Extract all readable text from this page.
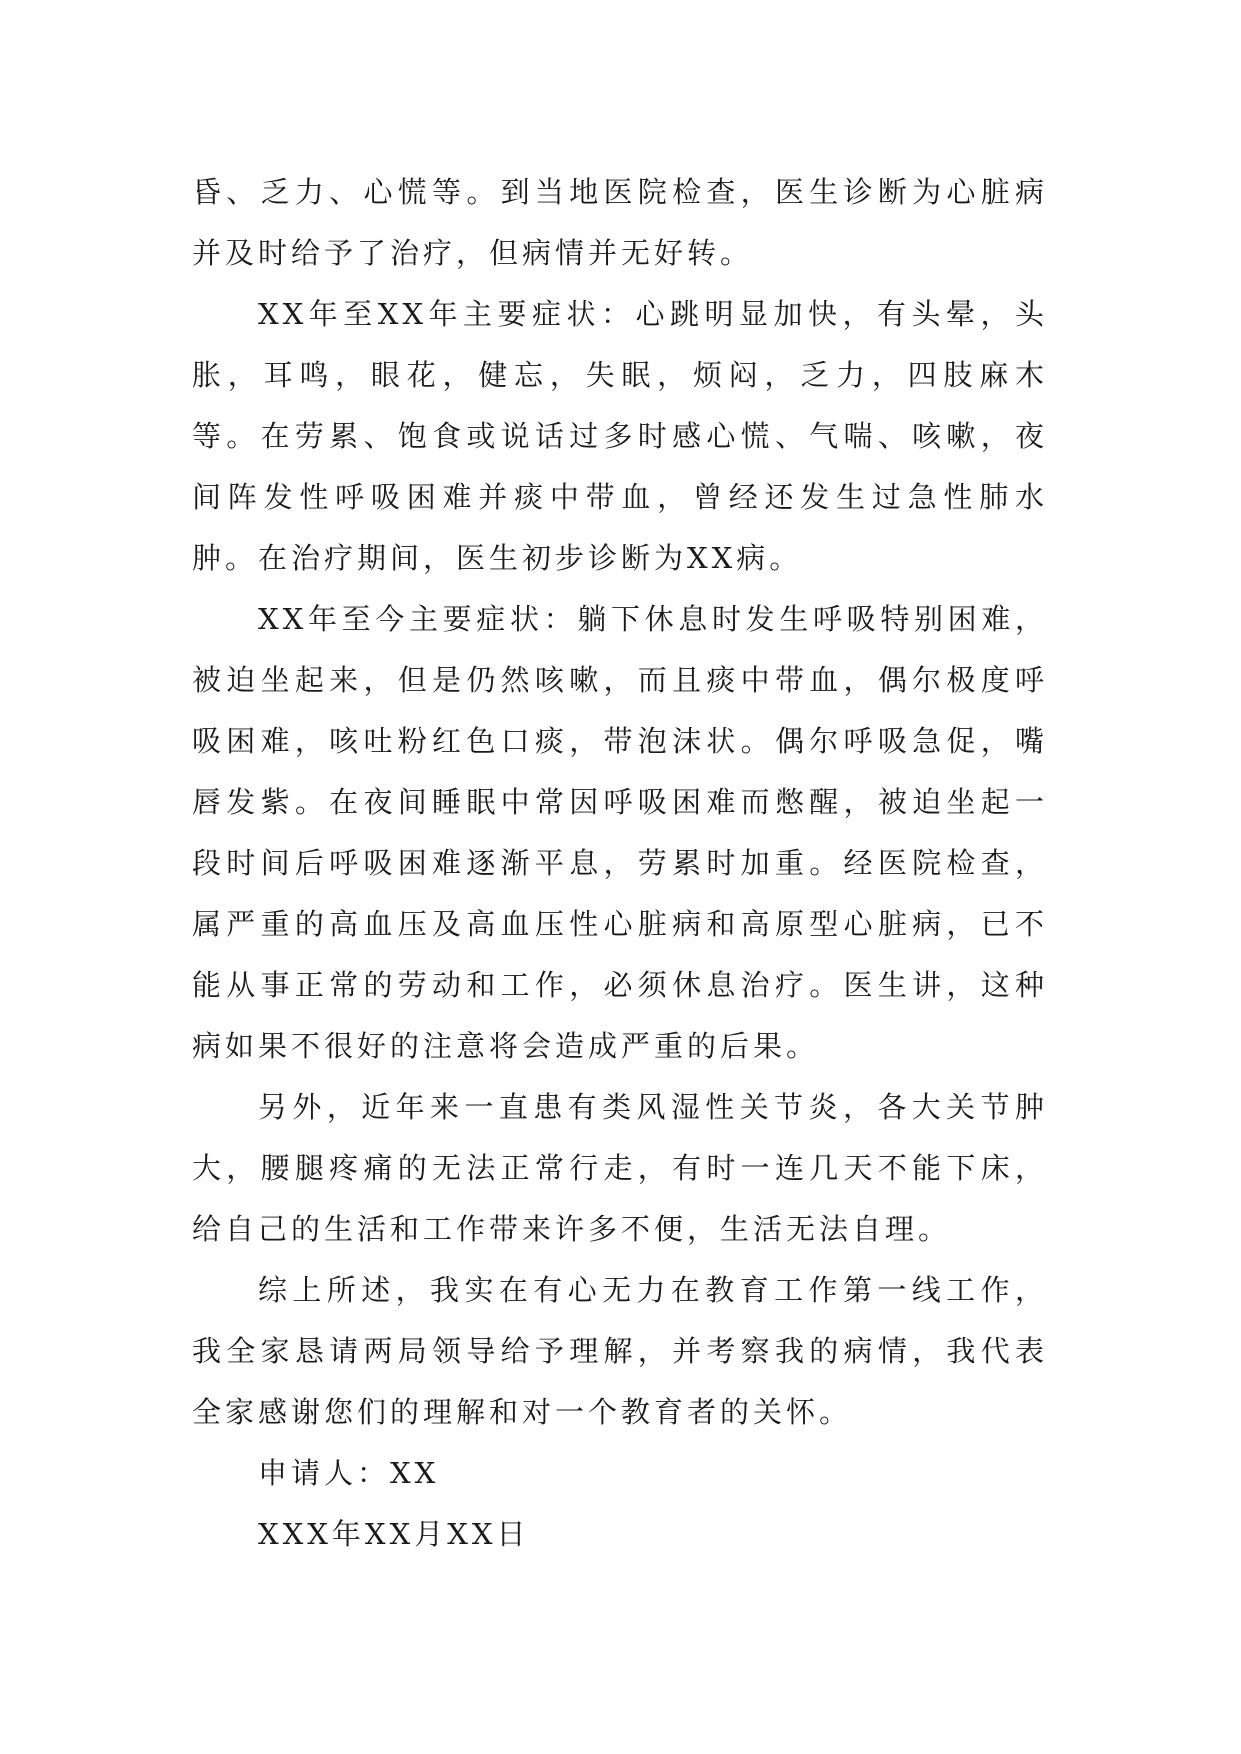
昏、乏力、心慌等。到当地医院检查，医生诊断为心脏病并及时给予了治疗，但病情并无好转。

XX年至XX年主要症状：心跳明显加快，有头晕，头胀，耳鸣，眼花，健忘，失眠，烦闷，乏力，四肢麻木等。在劳累、饱食或说话过多时感心慌、气喘、咳嗽，夜间阵发性呼吸困难并痰中带血，曾经还发生过急性肺水肿。在治疗期间，医生初步诊断为XX病。

XX年至今主要症状：躺下休息时发生呼吸特别困难，被迫坐起来，但是仍然咳嗽，而且痰中带血，偶尔极度呼吸困难，咳吐粉红色口痰，带泡沫状。偶尔呼吸急促，嘴唇发紫。在夜间睡眠中常因呼吸困难而憋醒，被迫坐起一段时间后呼吸困难逐渐平息，劳累时加重。经医院检查，属严重的高血压及高血压性心脏病和高原型心脏病，已不能从事正常的劳动和工作，必须休息治疗。医生讲，这种病如果不很好的注意将会造成严重的后果。

另外，近年来一直患有类风湿性关节炎，各大关节肿大，腰腿疼痛的无法正常行走，有时一连几天不能下床，给自己的生活和工作带来许多不便，生活无法自理。

综上所述，我实在有心无力在教育工作第一线工作，我全家恳请两局领导给予理解，并考察我的病情，我代表全家感谢您们的理解和对一个教育者的关怀。

申请人：XX

XXX年XX月XX日
